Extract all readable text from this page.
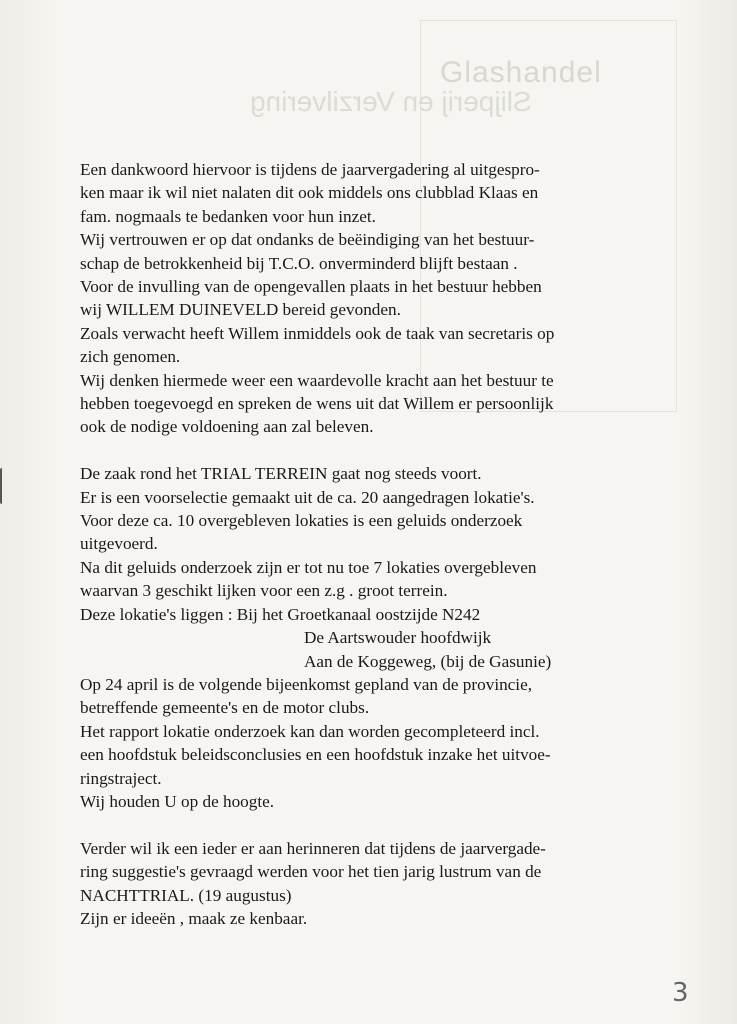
Glashandel
Slijperij en Verzilvering

Een dankwoord hiervoor is tijdens de jaarvergadering al uitgespro-

ken maar ik wil niet nalaten dit ook middels ons clubblad Klaas en

fam. nogmaals te bedanken voor hun inzet.

Wij vertrouwen er op dat ondanks de beëindiging van het bestuur-

schap de betrokkenheid bij T.C.O. onverminderd blijft bestaan .

Voor de invulling van de opengevallen plaats in het bestuur hebben

wij WILLEM DUINEVELD bereid gevonden.

Zoals verwacht heeft Willem inmiddels ook de taak van secretaris op

zich genomen.

Wij denken hiermede weer een waardevolle kracht aan het bestuur te

hebben toegevoegd en spreken de wens uit dat Willem er persoonlijk

ook de nodige voldoening aan zal beleven.

De zaak rond het TRIAL TERREIN gaat nog steeds voort.

Er is een voorselectie gemaakt uit de ca. 20 aangedragen lokatie's.

Voor deze ca. 10 overgebleven lokaties is een geluids onderzoek

uitgevoerd.

Na dit geluids onderzoek zijn er tot nu toe 7 lokaties overgebleven

waarvan 3 geschikt lijken voor een z.g . groot terrein.

Deze lokatie's liggen : Bij het Groetkanaal oostzijde N242

De Aartswouder hoofdwijk

Aan de Koggeweg, (bij de Gasunie)

Op 24 april is de volgende bijeenkomst gepland van de provincie,

betreffende gemeente's en de motor clubs.

Het rapport lokatie onderzoek kan dan worden gecompleteerd incl.

een hoofdstuk beleidsconclusies en een hoofdstuk inzake het uitvoe-

ringstraject.

Wij houden U op de hoogte.

Verder wil ik een ieder er aan herinneren dat tijdens de jaarvergade-

ring suggestie's gevraagd werden voor het tien jarig lustrum van de

NACHTTRIAL. (19 augustus)

Zijn er ideeën , maak ze kenbaar.

3
